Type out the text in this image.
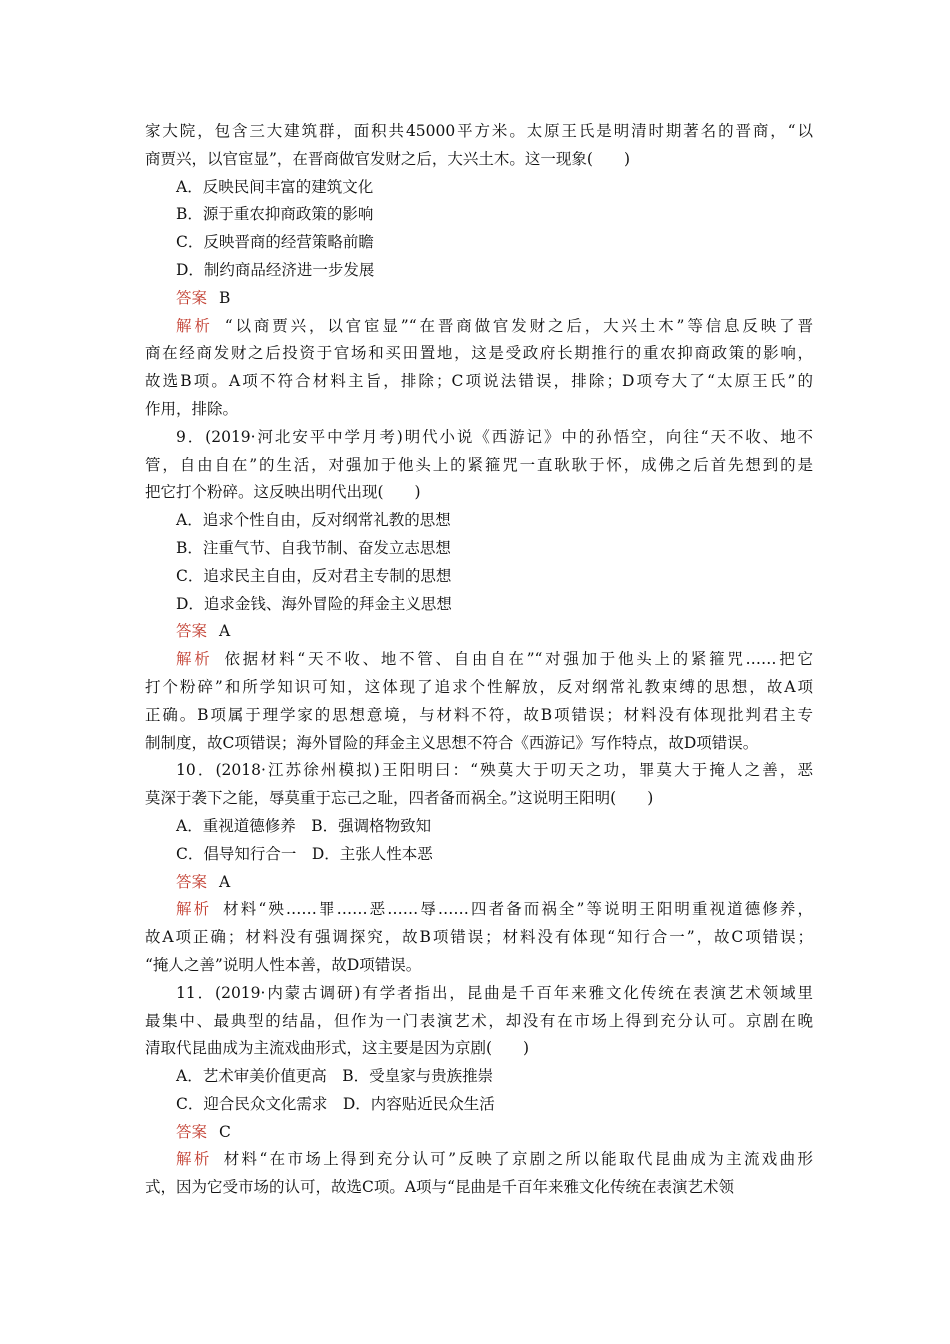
家大院，包含三大建筑群，面积共45000平方米。太原王氏是明清时期著名的晋商，“以
商贾兴，以官宦显”，在晋商做官发财之后，大兴土木。这一现象(　　)
A．反映民间丰富的建筑文化
B．源于重农抑商政策的影响
C．反映晋商的经营策略前瞻
D．制约商品经济进一步发展
答案 B
解析 “以商贾兴，以官宦显”“在晋商做官发财之后，大兴土木”等信息反映了晋
商在经商发财之后投资于官场和买田置地，这是受政府长期推行的重农抑商政策的影响，
故选B项。A项不符合材料主旨，排除；C项说法错误，排除；D项夸大了“太原王氏”的
作用，排除。
9．(2019·河北安平中学月考)明代小说《西游记》中的孙悟空，向往“天不收、地不
管，自由自在”的生活，对强加于他头上的紧箍咒一直耿耿于怀，成佛之后首先想到的是
把它打个粉碎。这反映出明代出现(　　)
A．追求个性自由，反对纲常礼教的思想
B．注重气节、自我节制、奋发立志思想
C．追求民主自由，反对君主专制的思想
D．追求金钱、海外冒险的拜金主义思想
答案 A
解析 依据材料“天不收、地不管、自由自在”“对强加于他头上的紧箍咒……把它
打个粉碎”和所学知识可知，这体现了追求个性解放，反对纲常礼教束缚的思想，故A项
正确。B项属于理学家的思想意境，与材料不符，故B项错误；材料没有体现批判君主专
制制度，故C项错误；海外冒险的拜金主义思想不符合《西游记》写作特点，故D项错误。
10．(2018·江苏徐州模拟)王阳明曰：“殃莫大于叨天之功，罪莫大于掩人之善，恶
莫深于袭下之能，辱莫重于忘己之耻，四者备而祸全。”这说明王阳明(　　)
A．重视道德修养　B．强调格物致知
C．倡导知行合一　D．主张人性本恶
答案 A
解析 材料“殃……罪……恶……辱……四者备而祸全”等说明王阳明重视道德修养，
故A项正确；材料没有强调探究，故B项错误；材料没有体现“知行合一”，故C项错误；
“掩人之善”说明人性本善，故D项错误。
11．(2019·内蒙古调研)有学者指出，昆曲是千百年来雅文化传统在表演艺术领域里
最集中、最典型的结晶，但作为一门表演艺术，却没有在市场上得到充分认可。京剧在晚
清取代昆曲成为主流戏曲形式，这主要是因为京剧(　　)
A．艺术审美价值更高　B．受皇家与贵族推崇
C．迎合民众文化需求　D．内容贴近民众生活
答案 C
解析 材料“在市场上得到充分认可”反映了京剧之所以能取代昆曲成为主流戏曲形
式，因为它受市场的认可，故选C项。A项与“昆曲是千百年来雅文化传统在表演艺术领
